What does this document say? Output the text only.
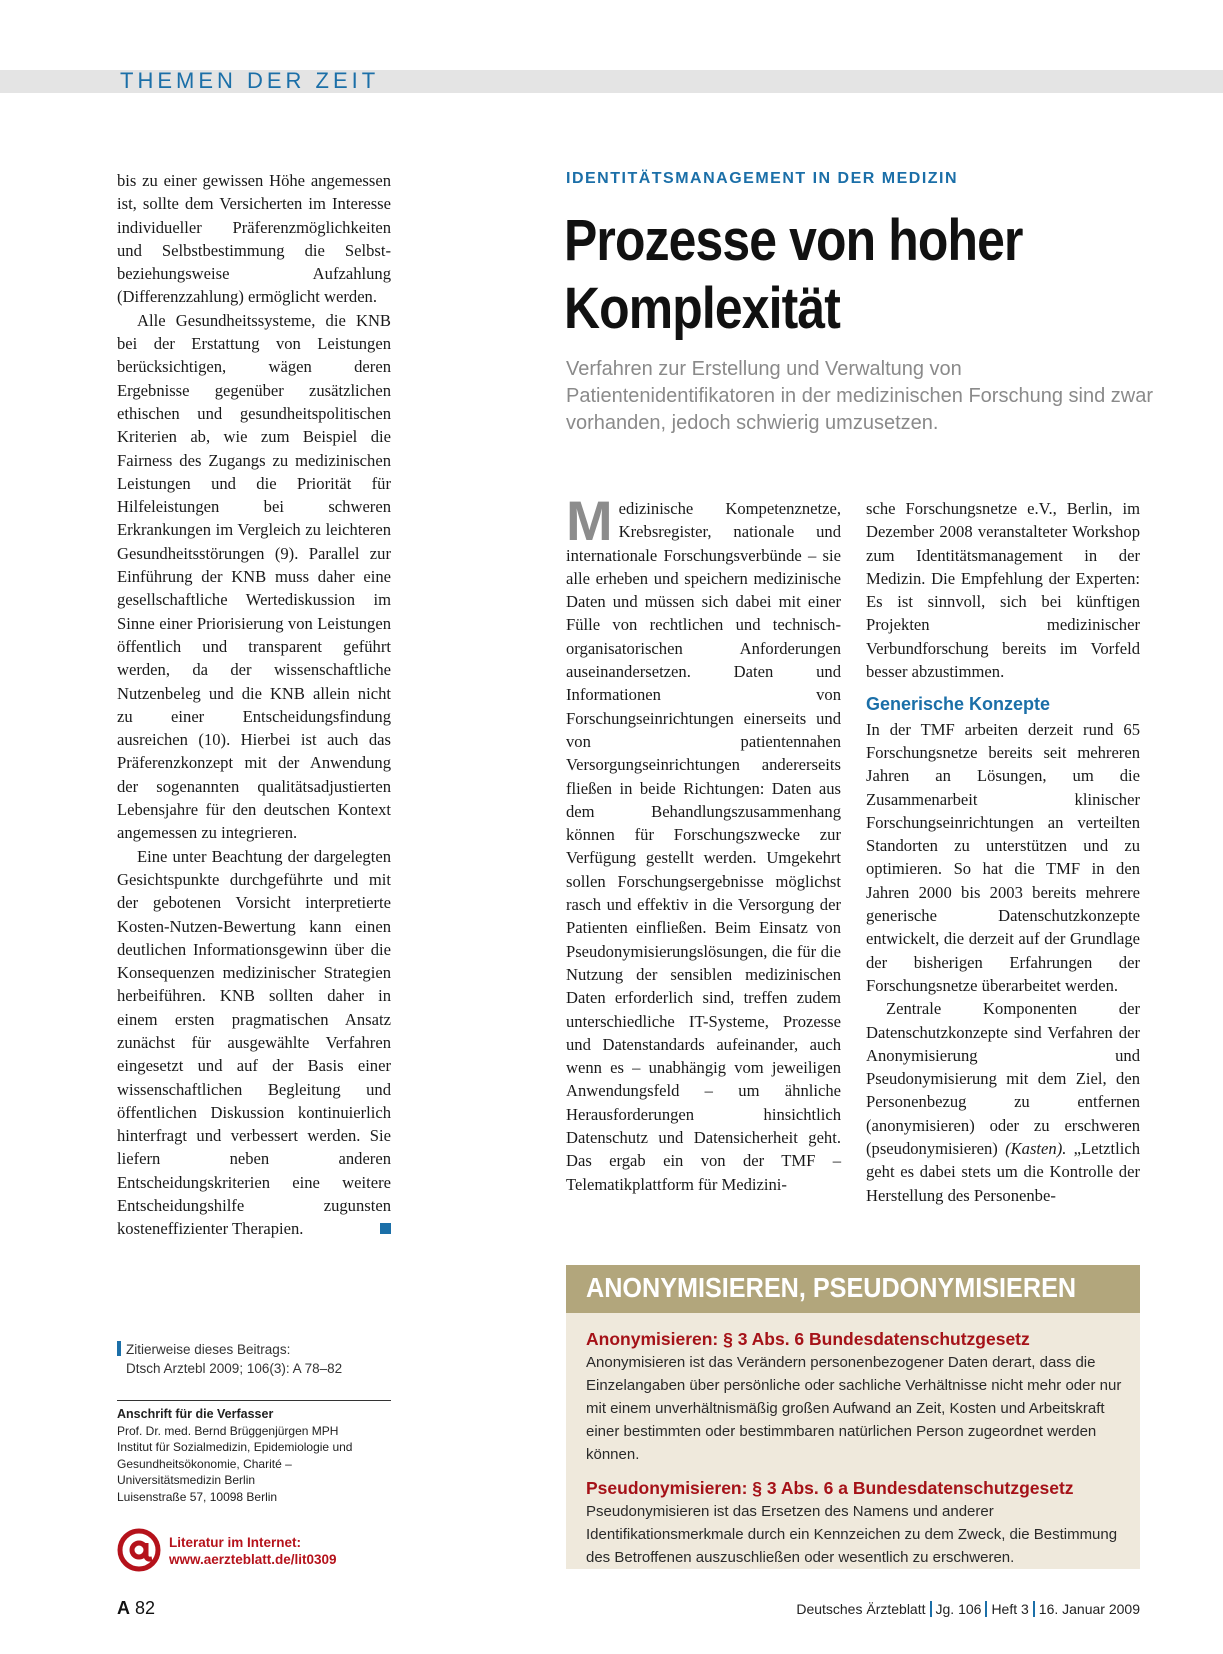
THEMEN DER ZEIT

bis zu einer gewissen Höhe angemessen ist, sollte dem Versicherten im Interesse individueller Präferenzmöglichkeiten und Selbstbestimmung die Selbst- beziehungsweise Aufzahlung (Differenzzahlung) ermöglicht werden.

Alle Gesundheitssysteme, die KNB bei der Erstattung von Leistungen berücksichtigen, wägen deren Ergebnisse gegenüber zusätzlichen ethischen und gesundheitspolitischen Kriterien ab, wie zum Beispiel die Fairness des Zugangs zu medizinischen Leistungen und die Priorität für Hilfeleistungen bei schweren Erkrankungen im Vergleich zu leichteren Gesundheitsstörungen (9). Parallel zur Einführung der KNB muss daher eine gesellschaftliche Wertediskussion im Sinne einer Priorisierung von Leistungen öffentlich und transparent geführt werden, da der wissenschaftliche Nutzenbeleg und die KNB allein nicht zu einer Entscheidungsfindung ausreichen (10). Hierbei ist auch das Präferenzkonzept mit der Anwendung der sogenannten qualitätsadjustierten Lebensjahre für den deutschen Kontext angemessen zu integrieren.

Eine unter Beachtung der dargelegten Gesichtspunkte durchgeführte und mit der gebotenen Vorsicht interpretierte Kosten-Nutzen-Bewertung kann einen deutlichen Informationsgewinn über die Konsequenzen medizinischer Strategien herbeiführen. KNB sollten daher in einem ersten pragmatischen Ansatz zunächst für ausgewählte Verfahren eingesetzt und auf der Basis einer wissenschaftlichen Begleitung und öffentlichen Diskussion kontinuierlich hinterfragt und verbessert werden. Sie liefern neben anderen Entscheidungskriterien eine weitere Entscheidungshilfe zugunsten kosteneffizienter Therapien.

Zitierweise dieses Beitrags:
Dtsch Arztebl 2009; 106(3): A 78–82
Anschrift für die Verfasser
Prof. Dr. med. Bernd Brüggenjürgen MPH
Institut für Sozialmedizin, Epidemiologie und Gesundheitsökonomie, Charité – Universitätsmedizin Berlin
Luisenstraße 57, 10098 Berlin
Literatur im Internet:
www.aerzteblatt.de/lit0309
IDENTITÄTSMANAGEMENT IN DER MEDIZIN
Prozesse von hoher Komplexität
Verfahren zur Erstellung und Verwaltung von Patientenidentifikatoren in der medizinischen Forschung sind zwar vorhanden, jedoch schwierig umzusetzen.

Medizinische Kompetenznetze, Krebsregister, nationale und internationale Forschungsverbünde – sie alle erheben und speichern medizinische Daten und müssen sich dabei mit einer Fülle von rechtlichen und technisch-organisatorischen Anforderungen auseinandersetzen. Daten und Informationen von Forschungseinrichtungen einerseits und von patientennahen Versorgungseinrichtungen andererseits fließen in beide Richtungen: Daten aus dem Behandlungszusammenhang können für Forschungszwecke zur Verfügung gestellt werden. Umgekehrt sollen Forschungsergebnisse möglichst rasch und effektiv in die Versorgung der Patienten einfließen. Beim Einsatz von Pseudonymisierungslösungen, die für die Nutzung der sensiblen medizinischen Daten erforderlich sind, treffen zudem unterschiedliche IT-Systeme, Prozesse und Datenstandards aufeinander, auch wenn es – unabhängig vom jeweiligen Anwendungsfeld – um ähnliche Herausforderungen hinsichtlich Datenschutz und Datensicherheit geht. Das ergab ein von der TMF – Telematikplattform für Medizini-

sche Forschungsnetze e.V., Berlin, im Dezember 2008 veranstalteter Workshop zum Identitätsmanagement in der Medizin. Die Empfehlung der Experten: Es ist sinnvoll, sich bei künftigen Projekten medizinischer Verbundforschung bereits im Vorfeld besser abzustimmen.

Generische Konzepte

In der TMF arbeiten derzeit rund 65 Forschungsnetze bereits seit mehreren Jahren an Lösungen, um die Zusammenarbeit klinischer Forschungseinrichtungen an verteilten Standorten zu unterstützen und zu optimieren. So hat die TMF in den Jahren 2000 bis 2003 bereits mehrere generische Datenschutzkonzepte entwickelt, die derzeit auf der Grundlage der bisherigen Erfahrungen der Forschungsnetze überarbeitet werden.

Zentrale Komponenten der Datenschutzkonzepte sind Verfahren der Anonymisierung und Pseudonymisierung mit dem Ziel, den Personenbezug zu entfernen (anonymisieren) oder zu erschweren (pseudonymisieren) (Kasten). „Letztlich geht es dabei stets um die Kontrolle der Herstellung des Personenbe-

ANONYMISIEREN, PSEUDONYMISIEREN
Anonymisieren: § 3 Abs. 6 Bundesdatenschutzgesetz

Anonymisieren ist das Verändern personenbezogener Daten derart, dass die Einzelangaben über persönliche oder sachliche Verhältnisse nicht mehr oder nur mit einem unverhältnismäßig großen Aufwand an Zeit, Kosten und Arbeitskraft einer bestimmten oder bestimmbaren natürlichen Person zugeordnet werden können.

Pseudonymisieren: § 3 Abs. 6 a Bundesdatenschutzgesetz

Pseudonymisieren ist das Ersetzen des Namens und anderer Identifikationsmerkmale durch ein Kennzeichen zu dem Zweck, die Bestimmung des Betroffenen auszuschließen oder wesentlich zu erschweren.

A 82	Deutsches Ärzteblatt Jg. 106 Heft 3 16. Januar 2009
